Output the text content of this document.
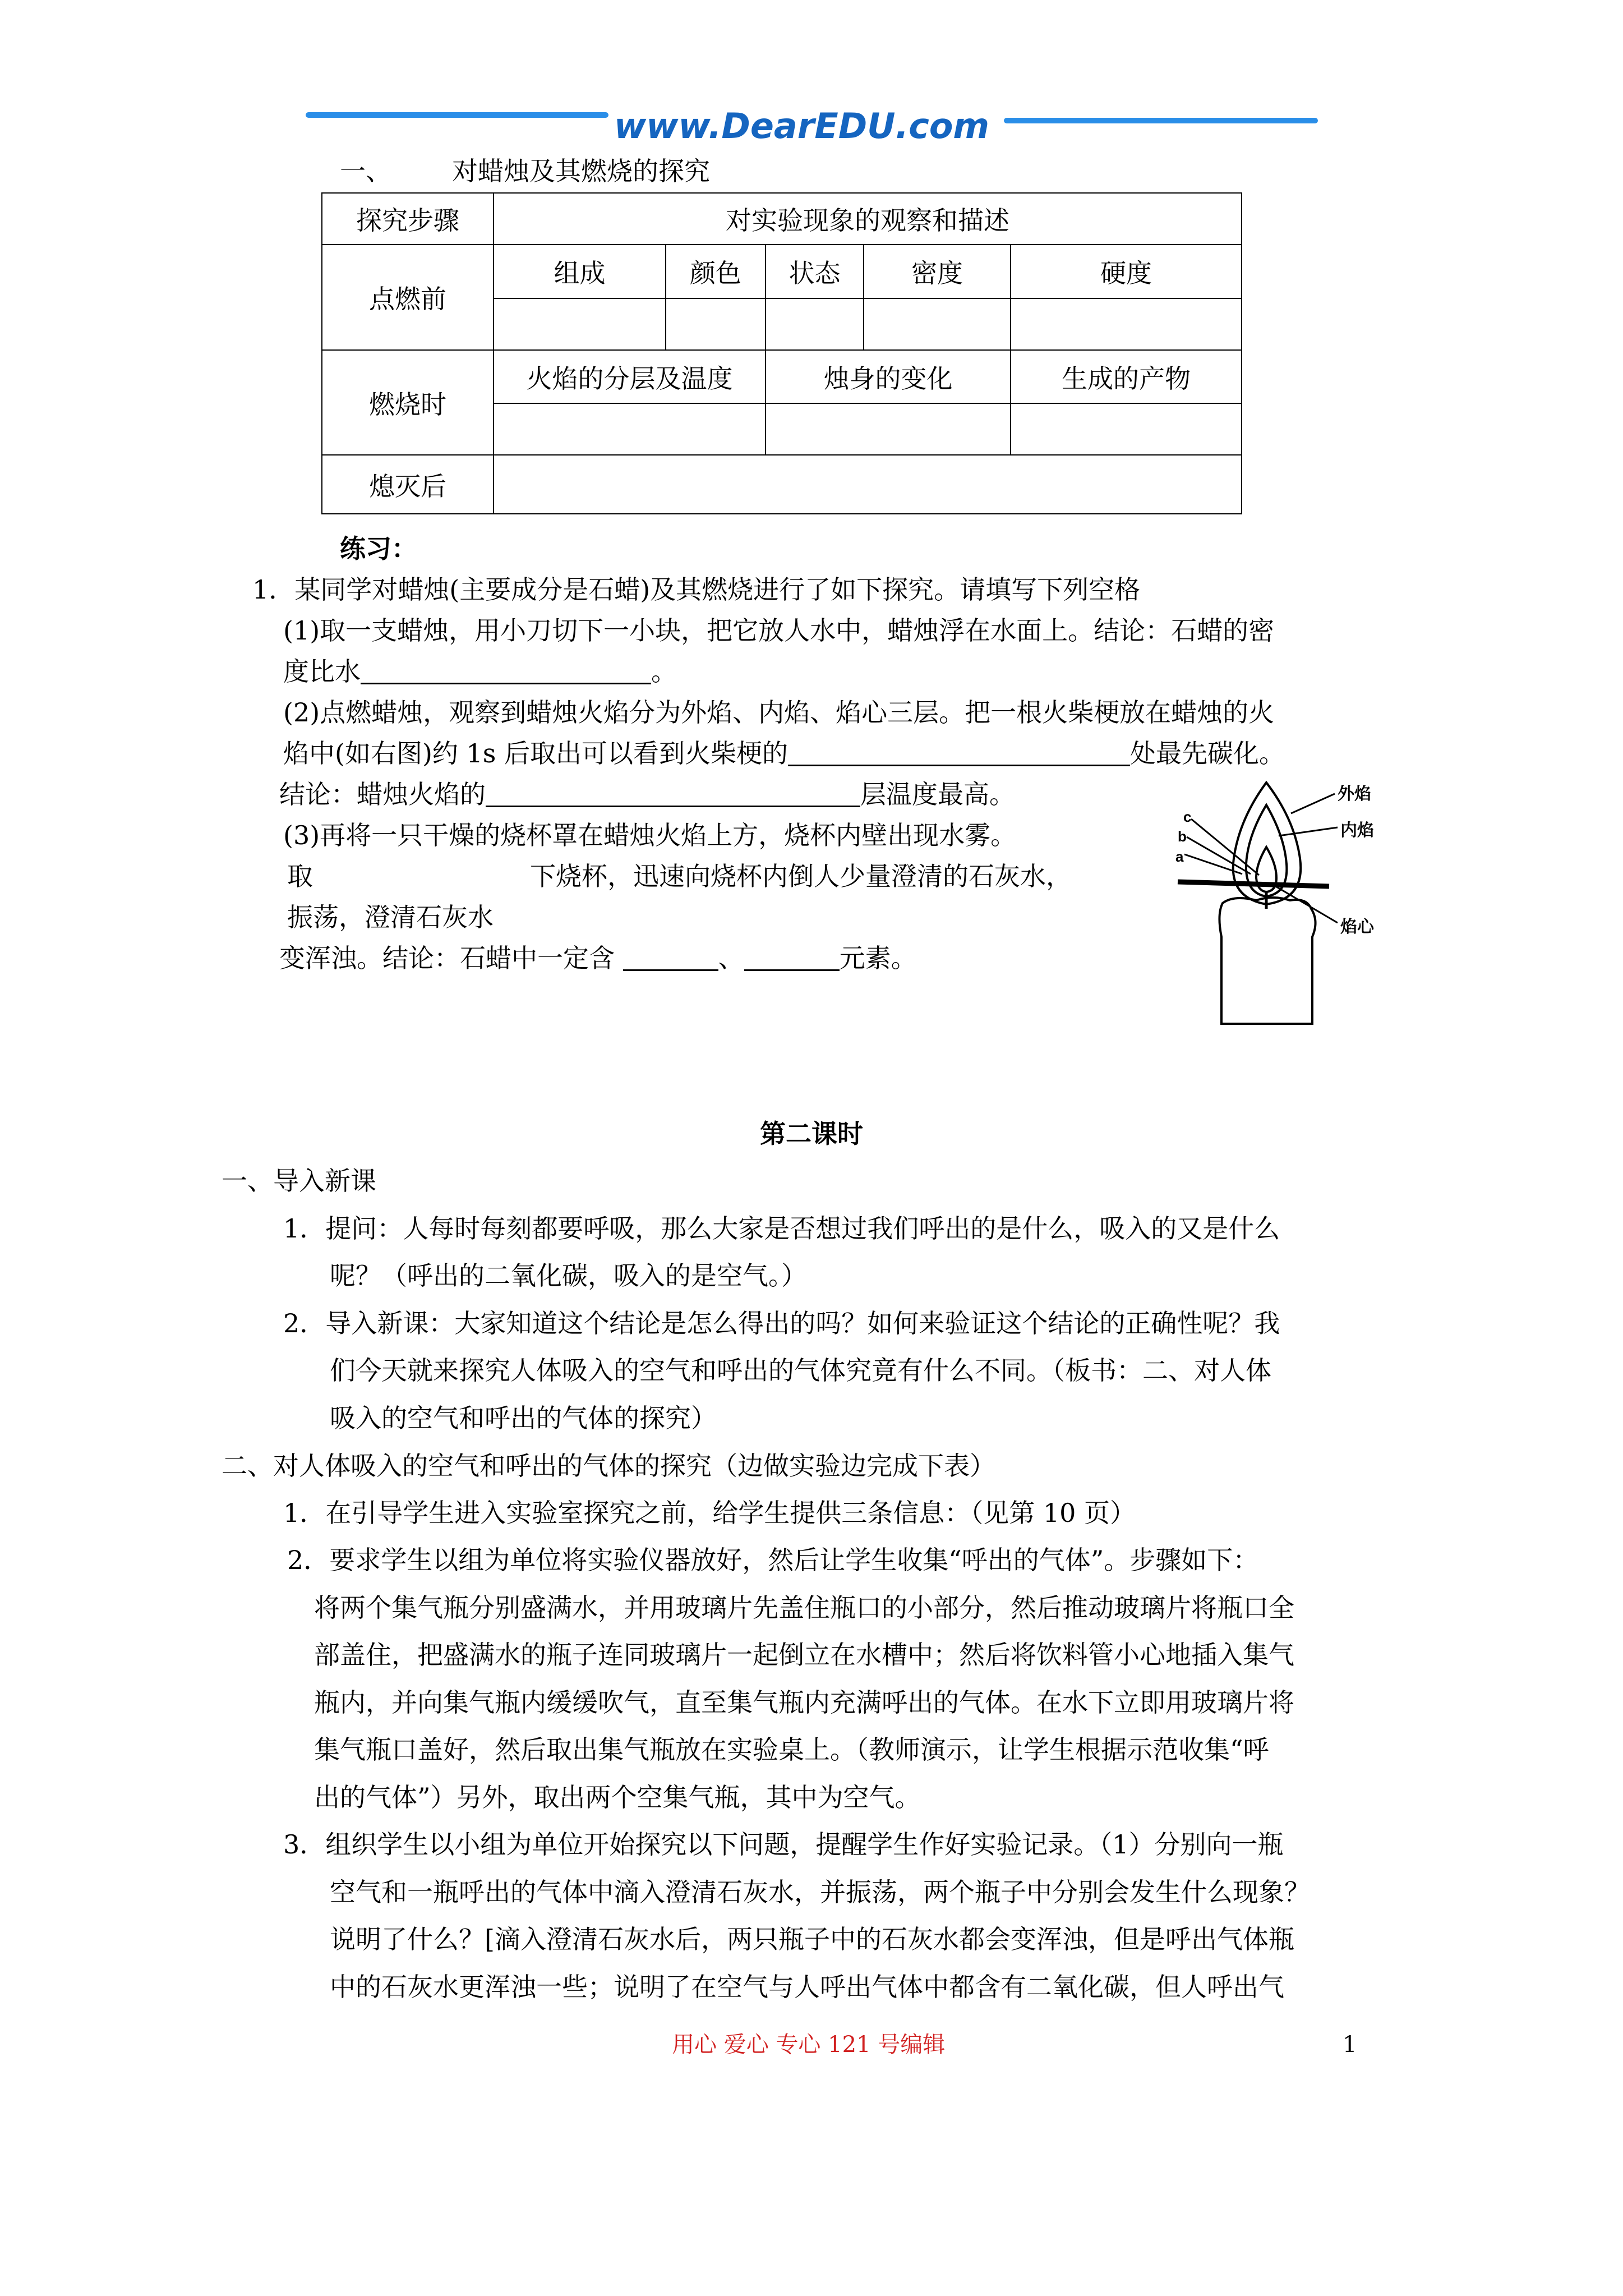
www.DearEDU.com
一、 对蜡烛及其燃烧的探究
探究步骤	对实验现象的观察和描述				
点燃前	组成	颜色	状态	密度	硬度

燃烧时	火焰的分层及温度		烛身的变化		生成的产物

熄灭后					
练习：
1．某同学对蜡烛(主要成分是石蜡)及其燃烧进行了如下探究。请填写下列空格
(1)取一支蜡烛，用小刀切下一小块，把它放人水中，蜡烛浮在水面上。结论：石蜡的密
度比水	。
(2)点燃蜡烛，观察到蜡烛火焰分为外焰、内焰、焰心三层。把一根火柴梗放在蜡烛的火
焰中(如右图)约 1s 后取出可以看到火柴梗的	处最先碳化。
结论：蜡烛火焰的	层温度最高。
(3)再将一只干燥的烧杯罩在蜡烛火焰上方，烧杯内壁出现水雾。
取	下烧杯，迅速向烧杯内倒人少量澄清的石灰水，
振荡，澄清石灰水
变浑浊。结论：石蜡中一定含	、	元素。
a
b
c
外焰
内焰
焰心
第二课时
一、导入新课
1．提问：人每时每刻都要呼吸，那么大家是否想过我们呼出的是什么，吸入的又是什么
呢？（呼出的二氧化碳，吸入的是空气。）
2．导入新课：大家知道这个结论是怎么得出的吗？如何来验证这个结论的正确性呢？我
们今天就来探究人体吸入的空气和呼出的气体究竟有什么不同。（板书：二、对人体
吸入的空气和呼出的气体的探究）
二、对人体吸入的空气和呼出的气体的探究（边做实验边完成下表）
1．在引导学生进入实验室探究之前，给学生提供三条信息：（见第 10 页）
2．要求学生以组为单位将实验仪器放好，然后让学生收集“呼出的气体”。步骤如下：
将两个集气瓶分别盛满水，并用玻璃片先盖住瓶口的小部分，然后推动玻璃片将瓶口全
部盖住，把盛满水的瓶子连同玻璃片一起倒立在水槽中；然后将饮料管小心地插入集气
瓶内，并向集气瓶内缓缓吹气，直至集气瓶内充满呼出的气体。在水下立即用玻璃片将
集气瓶口盖好，然后取出集气瓶放在实验桌上。（教师演示，让学生根据示范收集“呼
出的气体”）另外，取出两个空集气瓶，其中为空气。
3．组织学生以小组为单位开始探究以下问题，提醒学生作好实验记录。（1）分别向一瓶
空气和一瓶呼出的气体中滴入澄清石灰水，并振荡，两个瓶子中分别会发生什么现象？
说明了什么？[滴入澄清石灰水后，两只瓶子中的石灰水都会变浑浊，但是呼出气体瓶
中的石灰水更浑浊一些；说明了在空气与人呼出气体中都含有二氧化碳，但人呼出气
用心 爱心 专心 121 号编辑	1
